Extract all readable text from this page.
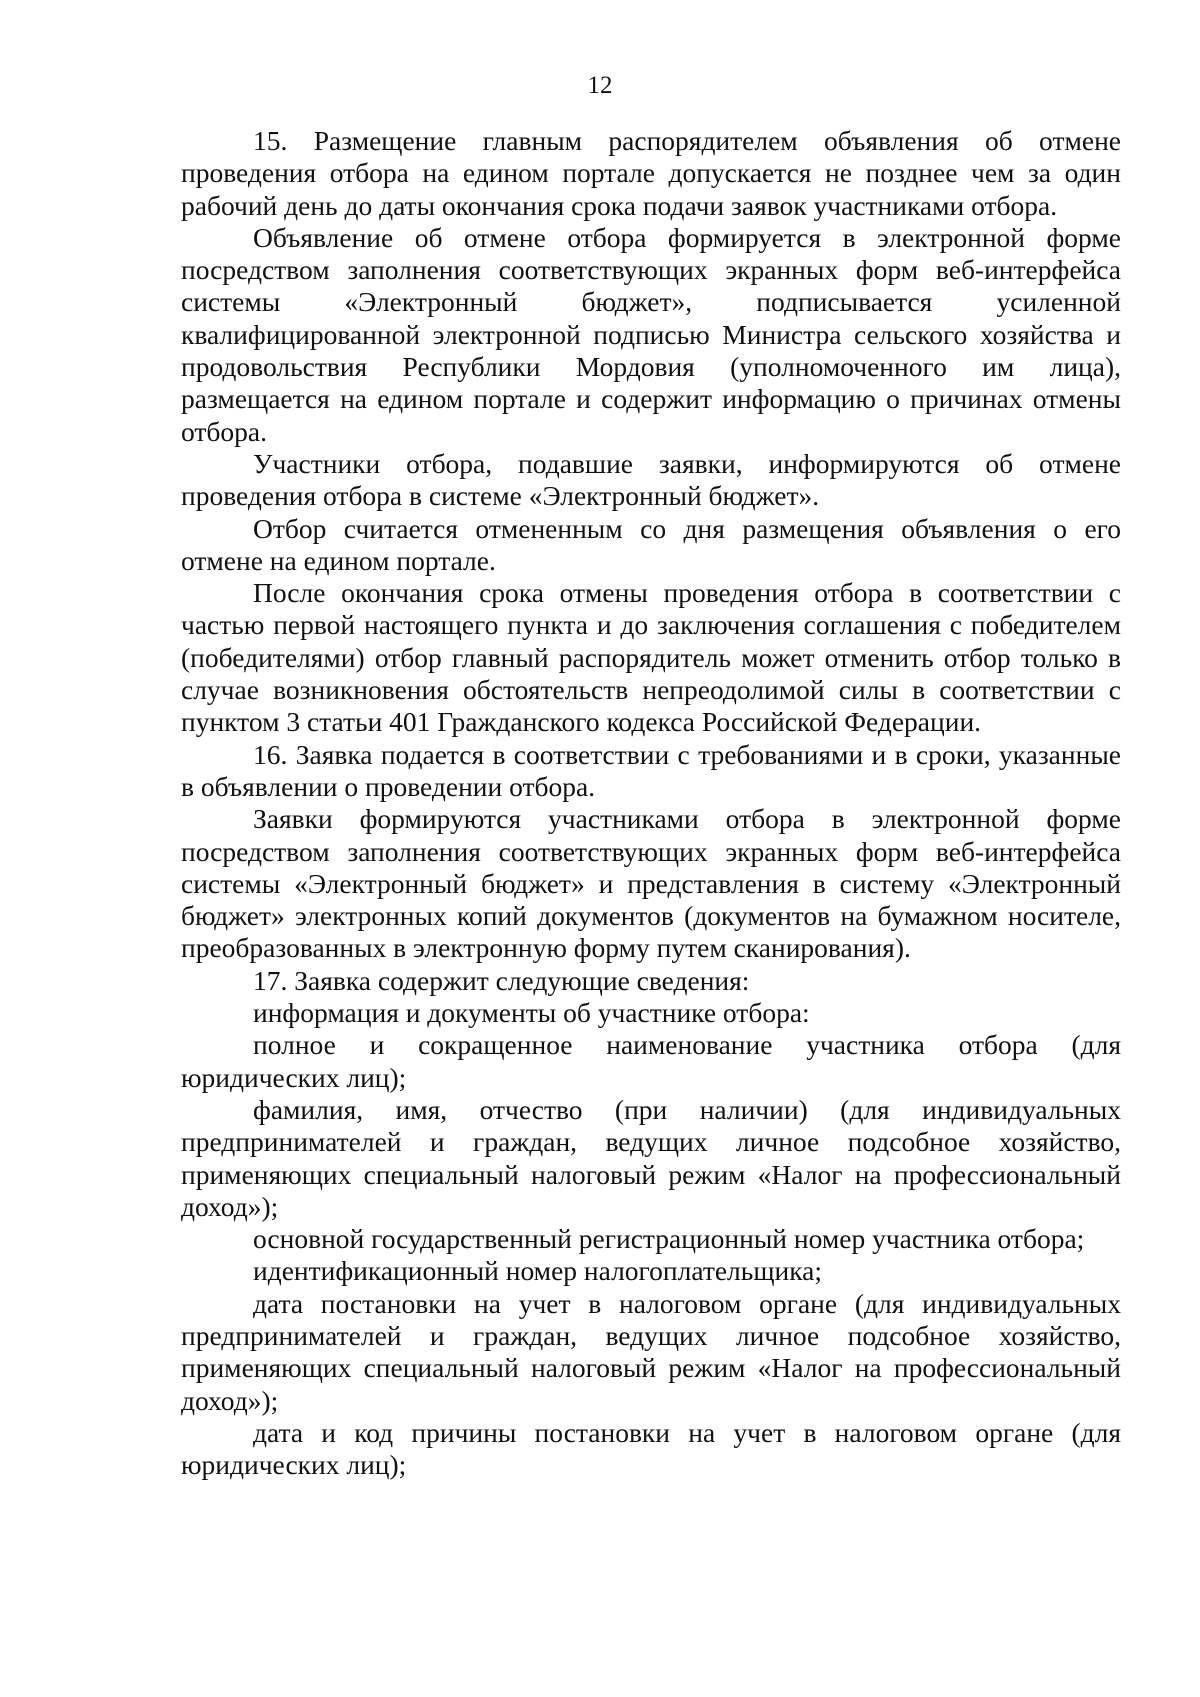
12

15. Размещение главным распорядителем объявления об отмене проведения отбора на едином портале допускается не позднее чем за один рабочий день до даты окончания срока подачи заявок участниками отбора.

Объявление об отмене отбора формируется в электронной форме посредством заполнения соответствующих экранных форм веб-интерфейса системы «Электронный бюджет», подписывается усиленной квалифицированной электронной подписью Министра сельского хозяйства и продовольствия Республики Мордовия (уполномоченного им лица), размещается на едином портале и содержит информацию о причинах отмены отбора.

Участники отбора, подавшие заявки, информируются об отмене проведения отбора в системе «Электронный бюджет».

Отбор считается отмененным со дня размещения объявления о его отмене на едином портале.

После окончания срока отмены проведения отбора в соответствии с частью первой настоящего пункта и до заключения соглашения с победителем (победителями) отбор главный распорядитель может отменить отбор только в случае возникновения обстоятельств непреодолимой силы в соответствии с пунктом 3 статьи 401 Гражданского кодекса Российской Федерации.

16. Заявка подается в соответствии с требованиями и в сроки, указанные в объявлении о проведении отбора.

Заявки формируются участниками отбора в электронной форме посредством заполнения соответствующих экранных форм веб-интерфейса системы «Электронный бюджет» и представления в систему «Электронный бюджет» электронных копий документов (документов на бумажном носителе, преобразованных в электронную форму путем сканирования).

17. Заявка содержит следующие сведения:

информация и документы об участнике отбора:

полное и сокращенное наименование участника отбора (для юридических лиц);

фамилия, имя, отчество (при наличии) (для индивидуальных предпринимателей и граждан, ведущих личное подсобное хозяйство, применяющих специальный налоговый режим «Налог на профессиональный доход»);

основной государственный регистрационный номер участника отбора;

идентификационный номер налогоплательщика;

дата постановки на учет в налоговом органе (для индивидуальных предпринимателей и граждан, ведущих личное подсобное хозяйство, применяющих специальный налоговый режим «Налог на профессиональный доход»);

дата и код причины постановки на учет в налоговом органе (для юридических лиц);
